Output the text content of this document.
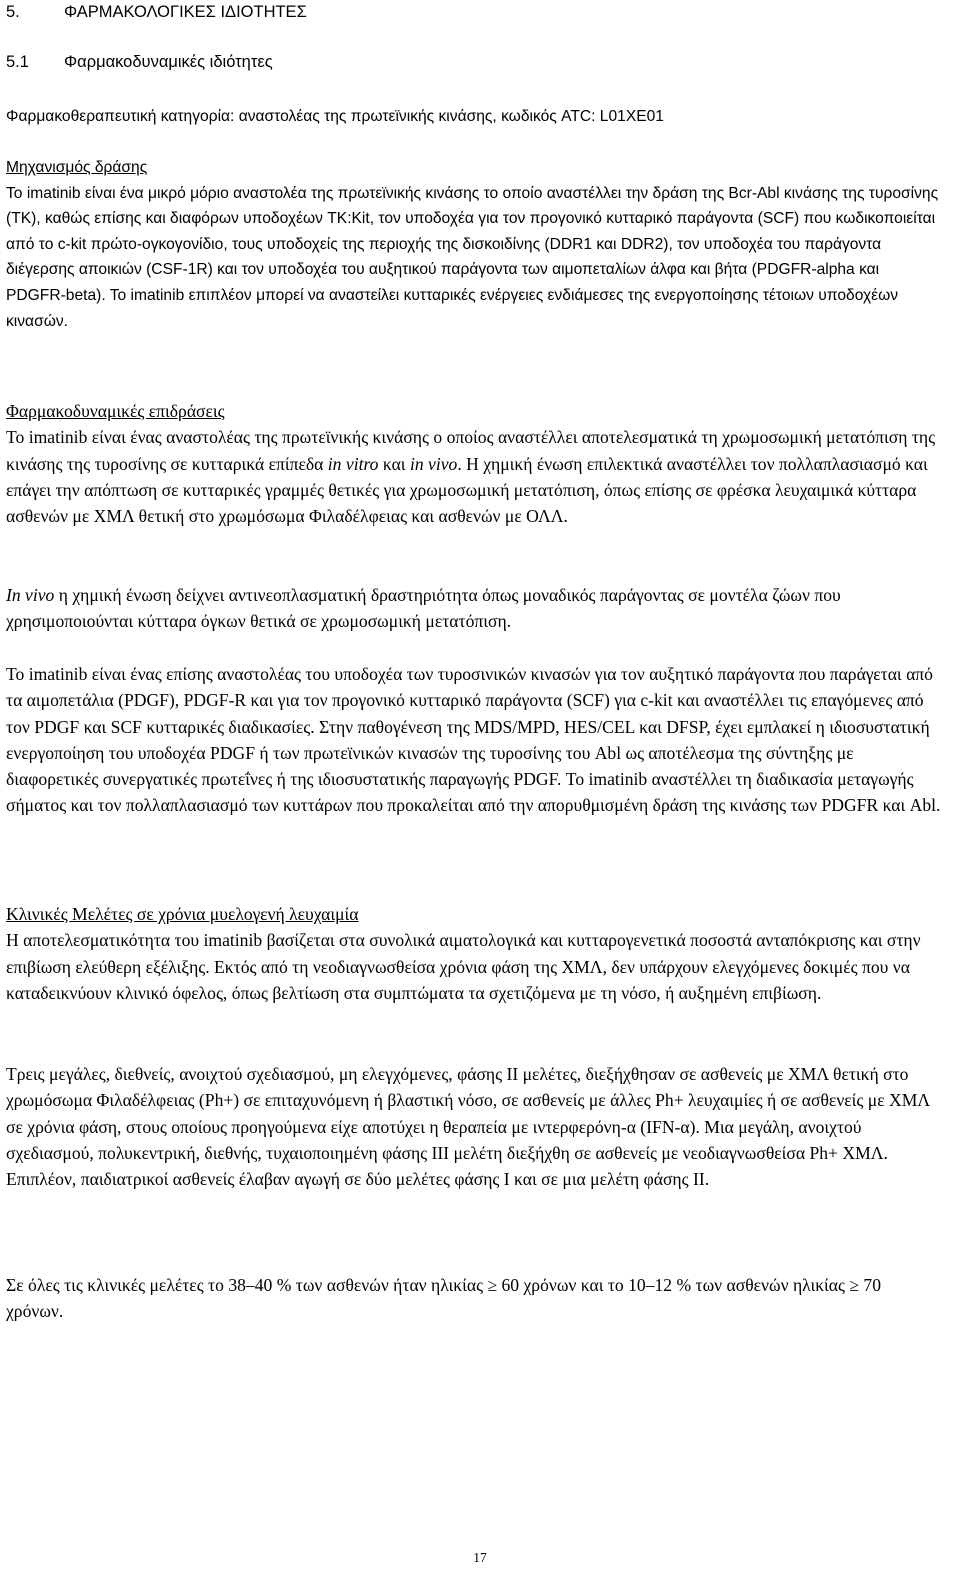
5.	ΦΑΡΜΑΚΟΛΟΓΙΚΕΣ ΙΔΙΟΤΗΤΕΣ
5.1 Φαρμακοδυναμικές ιδιότητες

Φαρμακοθεραπευτική κατηγορία: αναστολέας της πρωτεϊνικής κινάσης, κωδικός ATC: L01XE01

Μηχανισμός δράσης
Το imatinib είναι ένα μικρό μόριο αναστολέα της πρωτεϊνικής κινάσης το οποίο αναστέλλει την δράση της Bcr-Abl κινάσης της τυροσίνης (TK), καθώς επίσης και διαφόρων υποδοχέων TK:Kit, τον υποδοχέα για τον προγονικό κυτταρικό παράγοντα (SCF) που κωδικοποιείται από το c-kit πρώτο-ογκογονίδιο, τους υποδοχείς της περιοχής της δισκοιδίνης (DDR1 και DDR2), τον υποδοχέα του παράγοντα διέγερσης αποικιών (CSF-1R) και τον υποδοχέα του αυξητικού παράγοντα των αιμοπεταλίων άλφα και βήτα (PDGFR-alpha και PDGFR-beta). Το imatinib επιπλέον μπορεί να αναστείλει κυτταρικές ενέργειες ενδιάμεσες της ενεργοποίησης τέτοιων υποδοχέων κινασών.
Φαρμακοδυναμικές επιδράσεις
Το imatinib είναι ένας αναστολέας της πρωτεϊνικής κινάσης ο οποίος αναστέλλει αποτελεσματικά τη χρωμοσωμική μετατόπιση της κινάσης της τυροσίνης σε κυτταρικά επίπεδα in vitro και in vivo. Η χημική ένωση επιλεκτικά αναστέλλει τον πολλαπλασιασμό και επάγει την απόπτωση σε κυτταρικές γραμμές θετικές για χρωμοσωμική μετατόπιση, όπως επίσης σε φρέσκα λευχαιμικά κύτταρα ασθενών με ΧΜΛ θετική στο χρωμόσωμα Φιλαδέλφειας και ασθενών με ΟΛΛ.
In vivo η χημική ένωση δείχνει αντινεοπλασματική δραστηριότητα όπως μοναδικός παράγοντας σε μοντέλα ζώων που χρησιμοποιούνται κύτταρα όγκων θετικά σε χρωμοσωμική μετατόπιση.
Το imatinib είναι ένας επίσης αναστολέας του υποδοχέα των τυροσινικών κινασών για τον αυξητικό παράγοντα που παράγεται από τα αιμοπετάλια (PDGF), PDGF-R και για τον προγονικό κυτταρικό παράγοντα (SCF) για c-kit και αναστέλλει τις επαγόμενες από τον PDGF και SCF κυτταρικές διαδικασίες. Στην παθογένεση της MDS/MPD, HES/CEL και DFSP, έχει εμπλακεί η ιδιοσυστατική ενεργοποίηση του υποδοχέα PDGF ή των πρωτεϊνικών κινασών της τυροσίνης του Abl ως αποτέλεσμα της σύντηξης με διαφορετικές συνεργατικές πρωτεΐνες ή της ιδιοσυστατικής παραγωγής PDGF. Το imatinib αναστέλλει τη διαδικασία μεταγωγής σήματος και τον πολλαπλασιασμό των κυττάρων που προκαλείται από την απορυθμισμένη δράση της κινάσης των PDGFR και Abl.
Κλινικές Μελέτες σε χρόνια μυελογενή λευχαιμία
Η αποτελεσματικότητα του imatinib βασίζεται στα συνολικά αιματολογικά και κυτταρογενετικά ποσοστά ανταπόκρισης και στην επιβίωση ελεύθερη εξέλιξης. Εκτός από τη νεοδιαγνωσθείσα χρόνια φάση της ΧΜΛ, δεν υπάρχουν ελεγχόμενες δοκιμές που να καταδεικνύουν κλινικό όφελος, όπως βελτίωση στα συμπτώματα τα σχετιζόμενα με τη νόσο, ή αυξημένη επιβίωση.
Τρεις μεγάλες, διεθνείς, ανοιχτού σχεδιασμού, μη ελεγχόμενες, φάσης II μελέτες, διεξήχθησαν σε ασθενείς με ΧΜΛ θετική στο χρωμόσωμα Φιλαδέλφειας (Ph+) σε επιταχυνόμενη ή βλαστική νόσο, σε ασθενείς με άλλες Ph+ λευχαιμίες ή σε ασθενείς με ΧΜΛ σε χρόνια φάση, στους οποίους προηγούμενα είχε αποτύχει η θεραπεία με ιντερφερόνη-α (IFN-α). Μια μεγάλη, ανοιχτού σχεδιασμού, πολυκεντρική, διεθνής, τυχαιοποιημένη φάσης III μελέτη διεξήχθη σε ασθενείς με νεοδιαγνωσθείσα Ph+ ΧΜΛ.
Επιπλέον, παιδιατρικοί ασθενείς έλαβαν αγωγή σε δύο μελέτες φάσης I και σε μια μελέτη φάσης II.
Σε όλες τις κλινικές μελέτες το 38–40 % των ασθενών ήταν ηλικίας ≥ 60 χρόνων και το 10–12 % των ασθενών ηλικίας ≥ 70 χρόνων.
17
